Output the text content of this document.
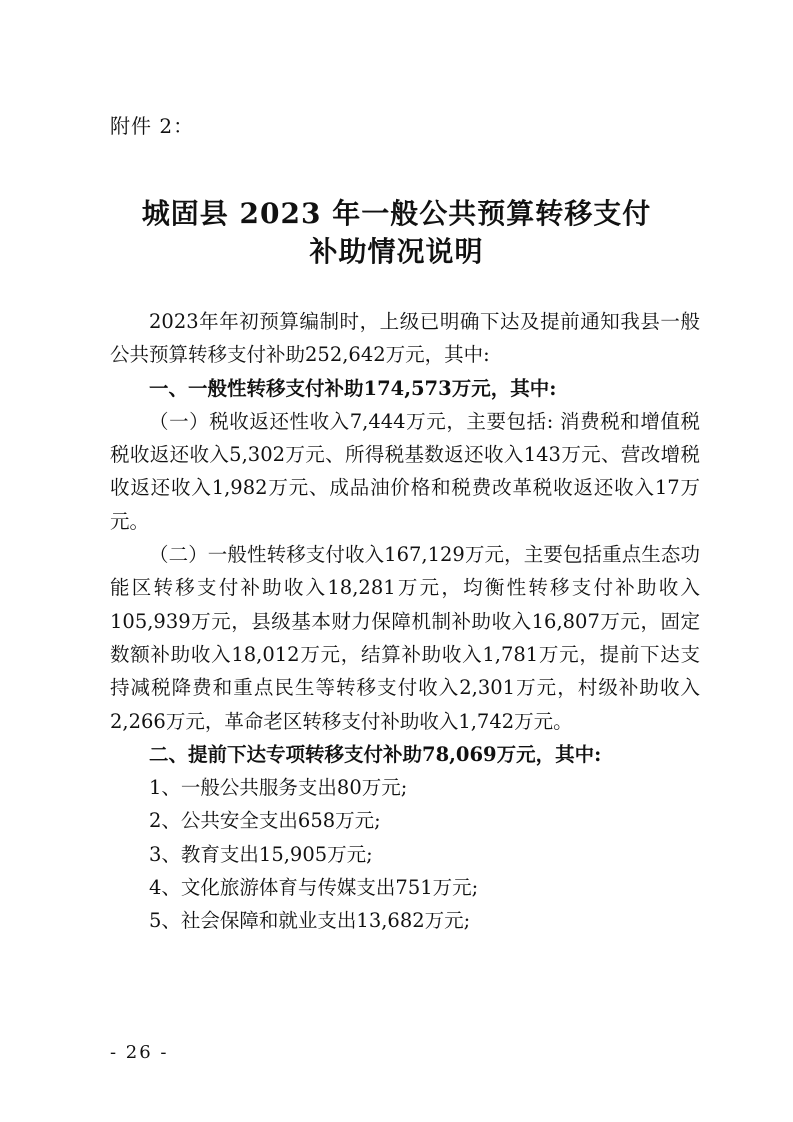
附件 2：
城固县 2023 年一般公共预算转移支付
补助情况说明

2023年年初预算编制时，上级已明确下达及提前通知我县一般公共预算转移支付补助252,642万元，其中:

一、一般性转移支付补助174,573万元，其中:

（一）税收返还性收入7,444万元，主要包括: 消费税和增值税税收返还收入5,302万元、所得税基数返还收入143万元、营改增税收返还收入1,982万元、成品油价格和税费改革税收返还收入17万元。

（二）一般性转移支付收入167,129万元，主要包括重点生态功能区转移支付补助收入18,281万元，均衡性转移支付补助收入105,939万元，县级基本财力保障机制补助收入16,807万元，固定数额补助收入18,012万元，结算补助收入1,781万元，提前下达支持减税降费和重点民生等转移支付收入2,301万元，村级补助收入2,266万元，革命老区转移支付补助收入1,742万元。

二、提前下达专项转移支付补助78,069万元，其中:

1、一般公共服务支出80万元;

2、公共安全支出658万元;

3、教育支出15,905万元;

4、文化旅游体育与传媒支出751万元;

5、社会保障和就业支出13,682万元;

- 26 -
